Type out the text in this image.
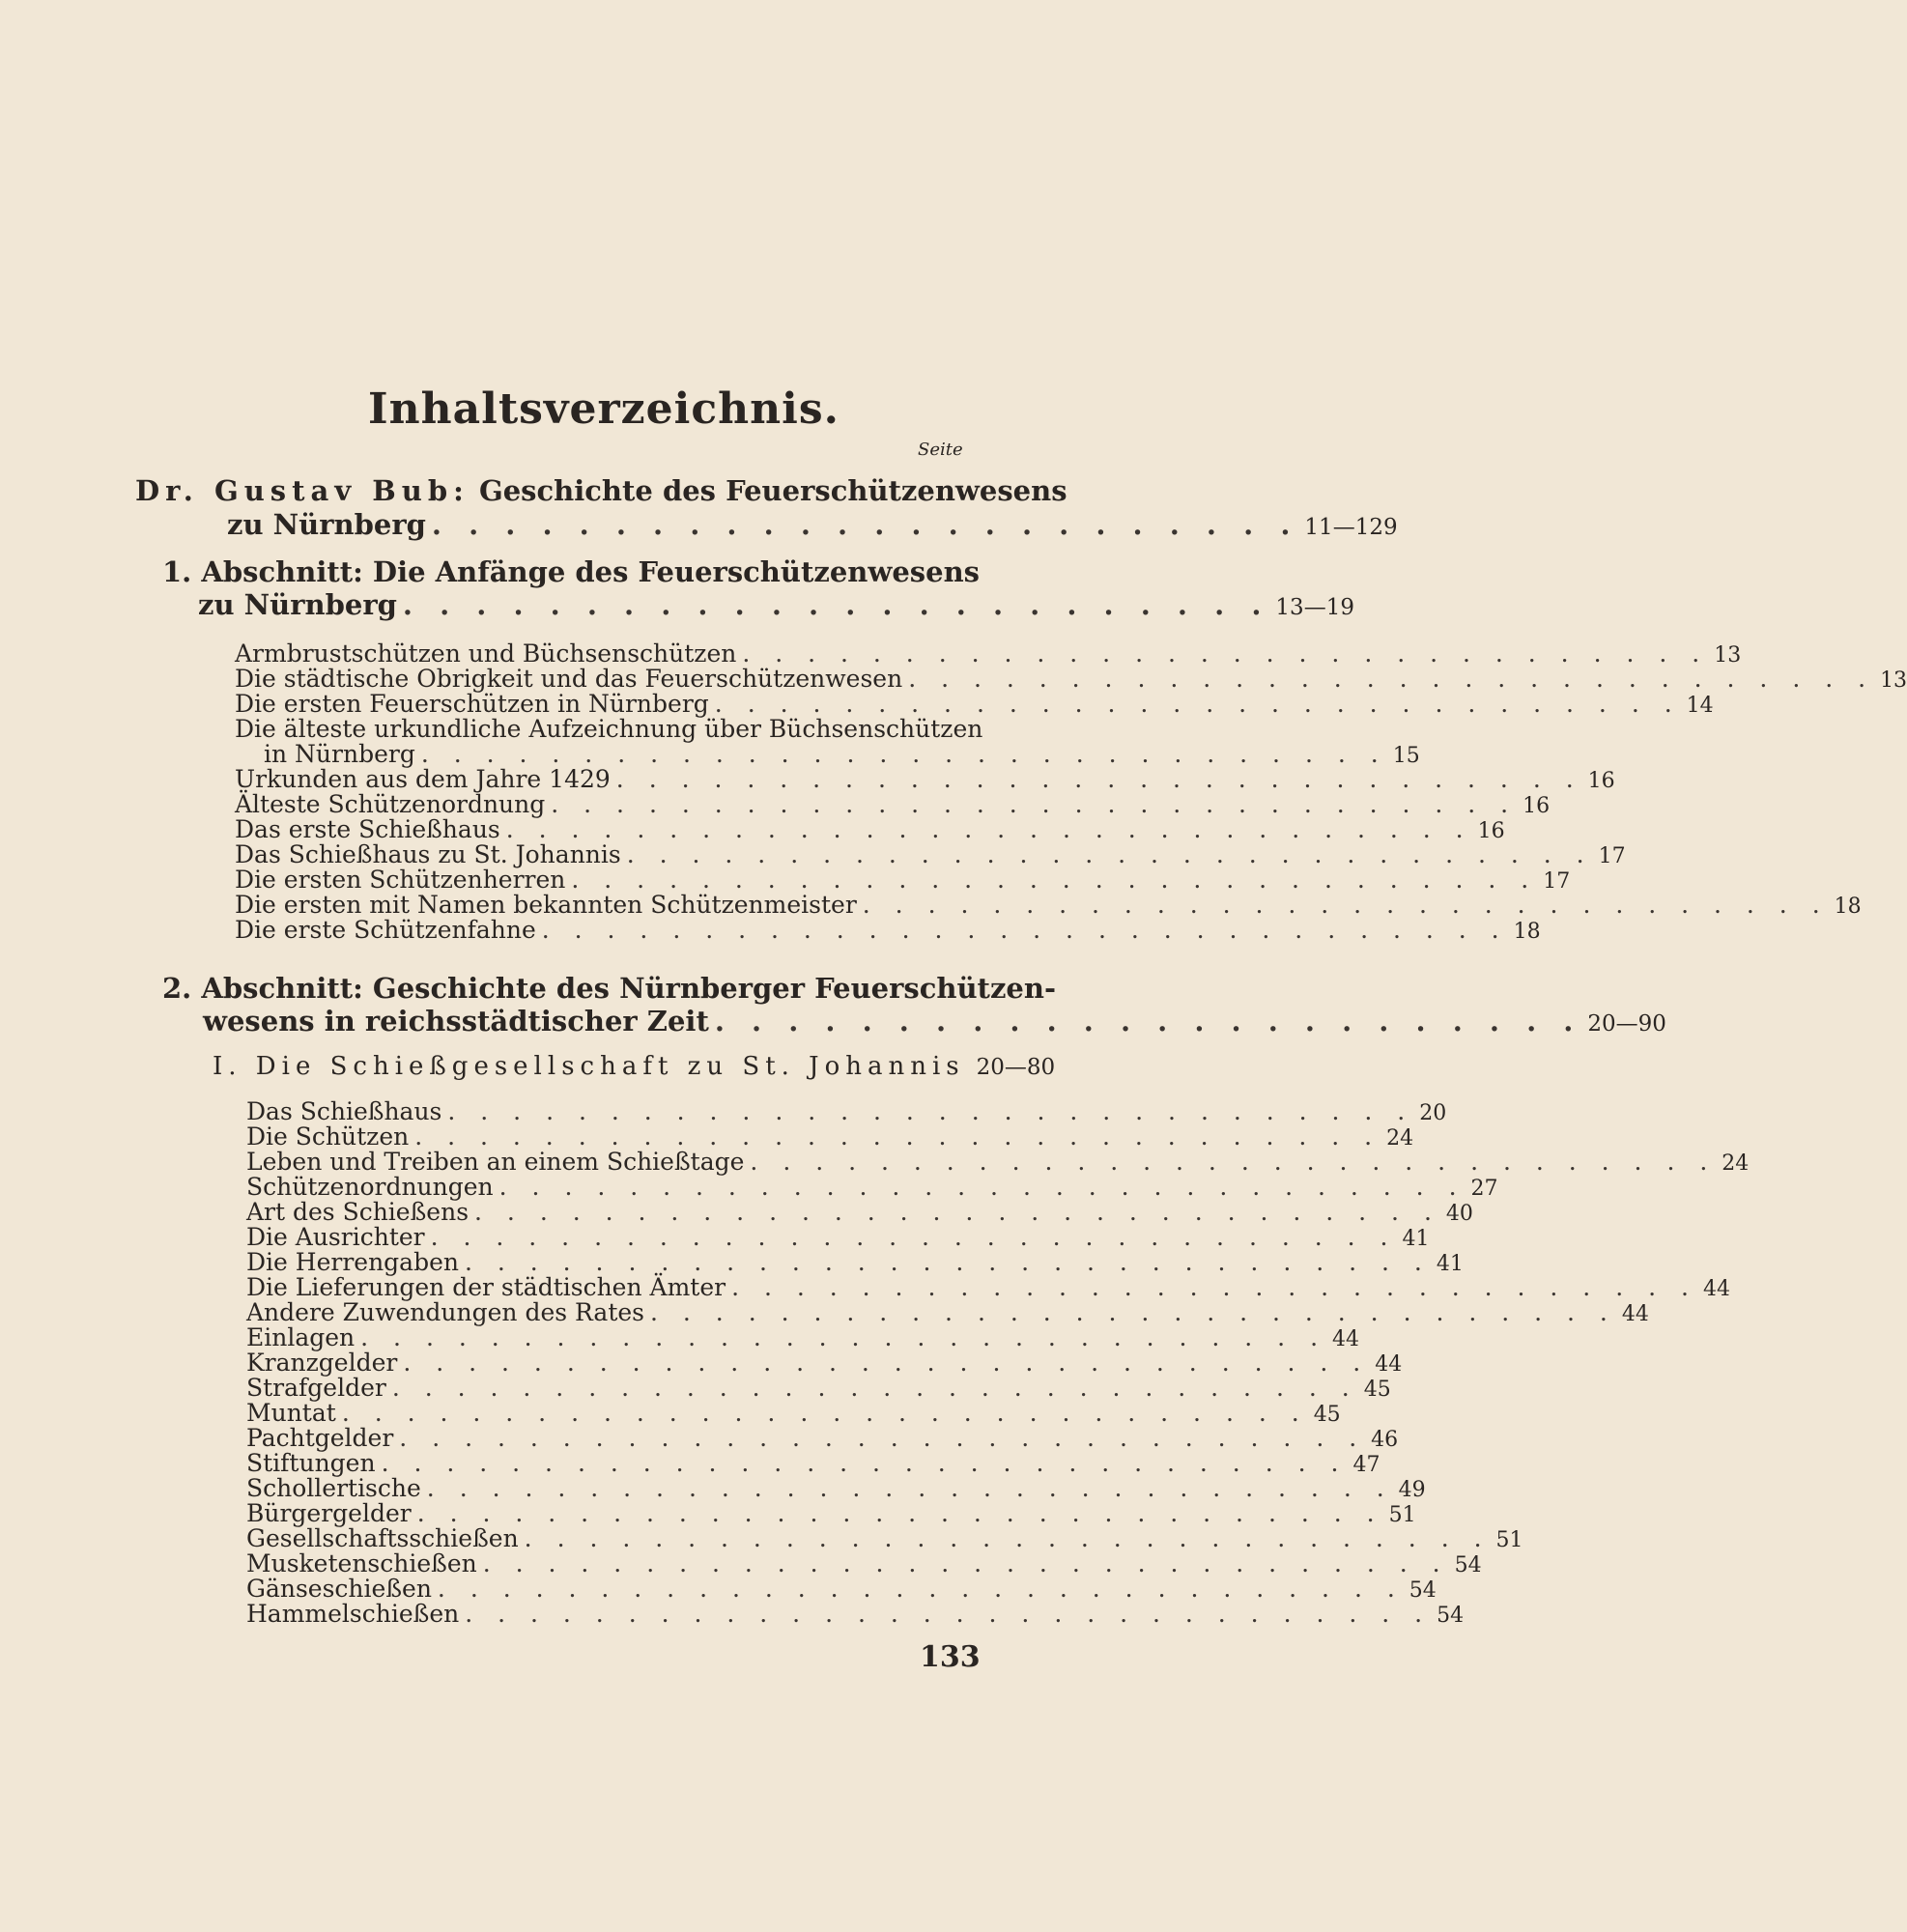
Inhaltsverzeichnis.
Seite
Dr. Gustav Bub: Geschichte des Feuerschützenwesens
zu Nürnberg . . . . . . . . . . . . . . . . . . . . . . . . 11—129
1. Abschnitt: Die Anfänge des Feuerschützenwesens
zu Nürnberg . . . . . . . . . . . . . . . . . . . . . . . . 13—19
Armbrustschützen und Büchsenschützen . . . . . . . . . . . . . . . . . . . . . . . . . . . . . . 13
Die städtische Obrigkeit und das Feuerschützenwesen . . . . . . . . . . . . . . . . . . . . . . . . . . . . . . 13
Die ersten Feuerschützen in Nürnberg . . . . . . . . . . . . . . . . . . . . . . . . . . . . . . 14
Die älteste urkundliche Aufzeichnung über Büchsenschützen
in Nürnberg . . . . . . . . . . . . . . . . . . . . . . . . . . . . . . 15
Urkunden aus dem Jahre 1429 . . . . . . . . . . . . . . . . . . . . . . . . . . . . . . 16
Älteste Schützenordnung . . . . . . . . . . . . . . . . . . . . . . . . . . . . . . 16
Das erste Schießhaus . . . . . . . . . . . . . . . . . . . . . . . . . . . . . . 16
Das Schießhaus zu St. Johannis . . . . . . . . . . . . . . . . . . . . . . . . . . . . . . 17
Die ersten Schützenherren . . . . . . . . . . . . . . . . . . . . . . . . . . . . . . 17
Die ersten mit Namen bekannten Schützenmeister . . . . . . . . . . . . . . . . . . . . . . . . . . . . . . 18
Die erste Schützenfahne . . . . . . . . . . . . . . . . . . . . . . . . . . . . . . 18
2. Abschnitt: Geschichte des Nürnberger Feuerschützen-
wesens in reichsstädtischer Zeit . . . . . . . . . . . . . . . . . . . . . . . . 20—90
I. Die Schießgesellschaft zu St. Johannis 20—80
Das Schießhaus . . . . . . . . . . . . . . . . . . . . . . . . . . . . . . 20
Die Schützen . . . . . . . . . . . . . . . . . . . . . . . . . . . . . . 24
Leben und Treiben an einem Schießtage . . . . . . . . . . . . . . . . . . . . . . . . . . . . . . 24
Schützenordnungen . . . . . . . . . . . . . . . . . . . . . . . . . . . . . . 27
Art des Schießens . . . . . . . . . . . . . . . . . . . . . . . . . . . . . . 40
Die Ausrichter . . . . . . . . . . . . . . . . . . . . . . . . . . . . . . 41
Die Herrengaben . . . . . . . . . . . . . . . . . . . . . . . . . . . . . . 41
Die Lieferungen der städtischen Ämter . . . . . . . . . . . . . . . . . . . . . . . . . . . . . . 44
Andere Zuwendungen des Rates . . . . . . . . . . . . . . . . . . . . . . . . . . . . . . 44
Einlagen . . . . . . . . . . . . . . . . . . . . . . . . . . . . . . 44
Kranzgelder . . . . . . . . . . . . . . . . . . . . . . . . . . . . . . 44
Strafgelder . . . . . . . . . . . . . . . . . . . . . . . . . . . . . . 45
Muntat . . . . . . . . . . . . . . . . . . . . . . . . . . . . . . 45
Pachtgelder . . . . . . . . . . . . . . . . . . . . . . . . . . . . . . 46
Stiftungen . . . . . . . . . . . . . . . . . . . . . . . . . . . . . . 47
Schollertische . . . . . . . . . . . . . . . . . . . . . . . . . . . . . . 49
Bürgergelder . . . . . . . . . . . . . . . . . . . . . . . . . . . . . . 51
Gesellschaftsschießen . . . . . . . . . . . . . . . . . . . . . . . . . . . . . . 51
Musketenschießen . . . . . . . . . . . . . . . . . . . . . . . . . . . . . . 54
Gänseschießen . . . . . . . . . . . . . . . . . . . . . . . . . . . . . . 54
Hammelschießen . . . . . . . . . . . . . . . . . . . . . . . . . . . . . . 54
133
